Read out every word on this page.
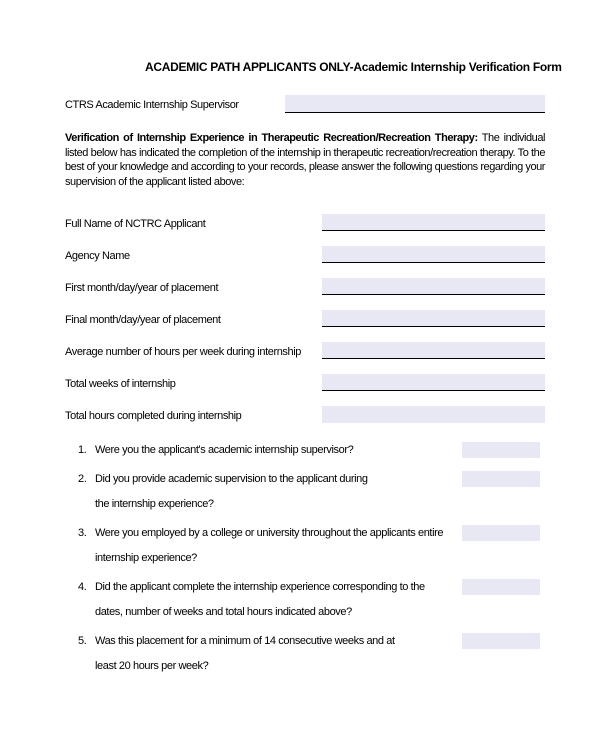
ACADEMIC PATH APPLICANTS ONLY-Academic Internship Verification Form
CTRS Academic Internship Supervisor

Verification of Internship Experience in Therapeutic Recreation/Recreation Therapy: The individual listed below has indicated the completion of the internship in therapeutic recreation/recreation therapy. To the best of your knowledge and according to your records, please answer the following questions regarding your supervision of the applicant listed above:

Full Name of NCTRC Applicant
Agency Name
First month/day/year of placement
Final month/day/year of placement
Average number of hours per week during internship
Total weeks of internship
Total hours completed during internship
1. Were you the applicant's academic internship supervisor?
2. Did you provide academic supervision to the applicant during
the internship experience?
3. Were you employed by a college or university throughout the applicants entire
internship experience?
4. Did the applicant complete the internship experience corresponding to the
dates, number of weeks and total hours indicated above?
5. Was this placement for a minimum of 14 consecutive weeks and at
least 20 hours per week?
